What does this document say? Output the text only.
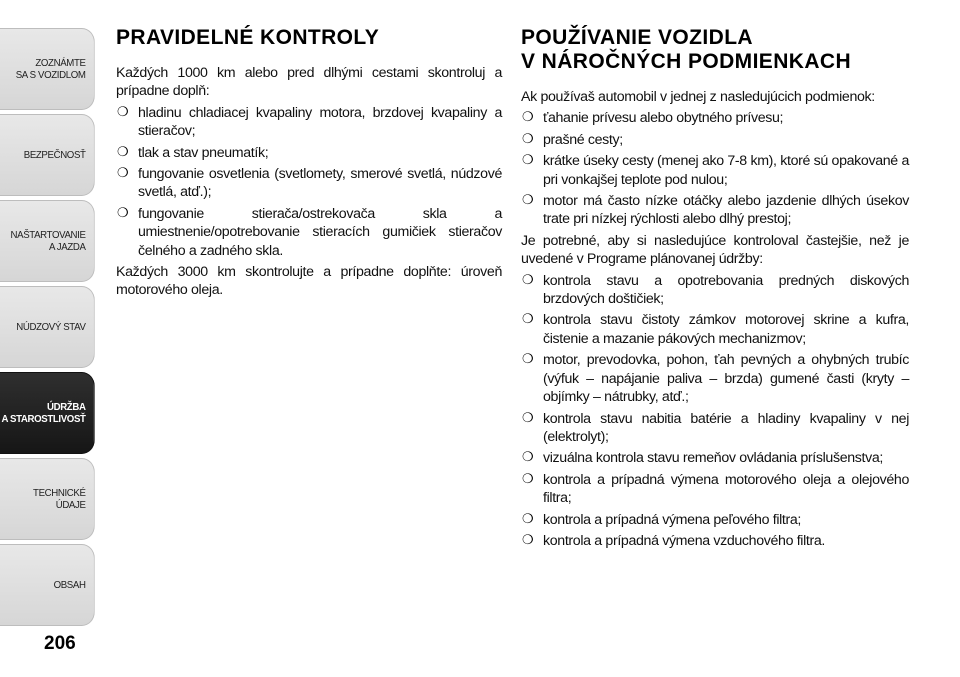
ZOZNÁMTE
SA S VOZIDLOM
BEZPEČNOSŤ
NAŠTARTOVANIE
A JAZDA
NÚDZOVÝ STAV
ÚDRŽBA
A STAROSTLIVOSŤ
TECHNICKÉ
ÚDAJE
OBSAH
206
PRAVIDELNÉ KONTROLY

Každých 1000 km alebo pred dlhými cestami skontroluj a prípadne doplň:

❍ hladinu chladiacej kvapaliny motora, brzdovej kvapaliny a stieračov;
❍ tlak a stav pneumatík;
❍ fungovanie osvetlenia (svetlomety, smerové svetlá, núdzové svetlá, atď.);
❍ fungovanie stierača/ostrekovača skla a umiestnenie/opotrebovanie stieracích gumičiek stieračov čelného a zadného skla.

Každých 3000 km skontrolujte a prípadne doplňte: úroveň motorového oleja.

POUŽÍVANIE VOZIDLA
V NÁROČNÝCH PODMIENKACH

Ak používaš automobil v jednej z nasledujúcich podmienok:

❍ ťahanie prívesu alebo obytného prívesu;
❍ prašné cesty;
❍ krátke úseky cesty (menej ako 7-8 km), ktoré sú opakované a pri vonkajšej teplote pod nulou;
❍ motor má často nízke otáčky alebo jazdenie dlhých úsekov trate pri nízkej rýchlosti alebo dlhý prestoj;

Je potrebné, aby si nasledujúce kontroloval častejšie, než je uvedené v Programe plánovanej údržby:

❍ kontrola stavu a opotrebovania predných diskových brzdových doštičiek;
❍ kontrola stavu čistoty zámkov motorovej skrine a kufra, čistenie a mazanie pákových mechanizmov;
❍ motor, prevodovka, pohon, ťah pevných a ohybných trubíc (výfuk – napájanie paliva – brzda) gumené časti (kryty – objímky – nátrubky, atď.;
❍ kontrola stavu nabitia batérie a hladiny kvapaliny v nej (elektrolyt);
❍ vizuálna kontrola stavu remeňov ovládania príslušenstva;
❍ kontrola a prípadná výmena motorového oleja a olejového filtra;
❍ kontrola a prípadná výmena peľového filtra;
❍ kontrola a prípadná výmena vzduchového filtra.
